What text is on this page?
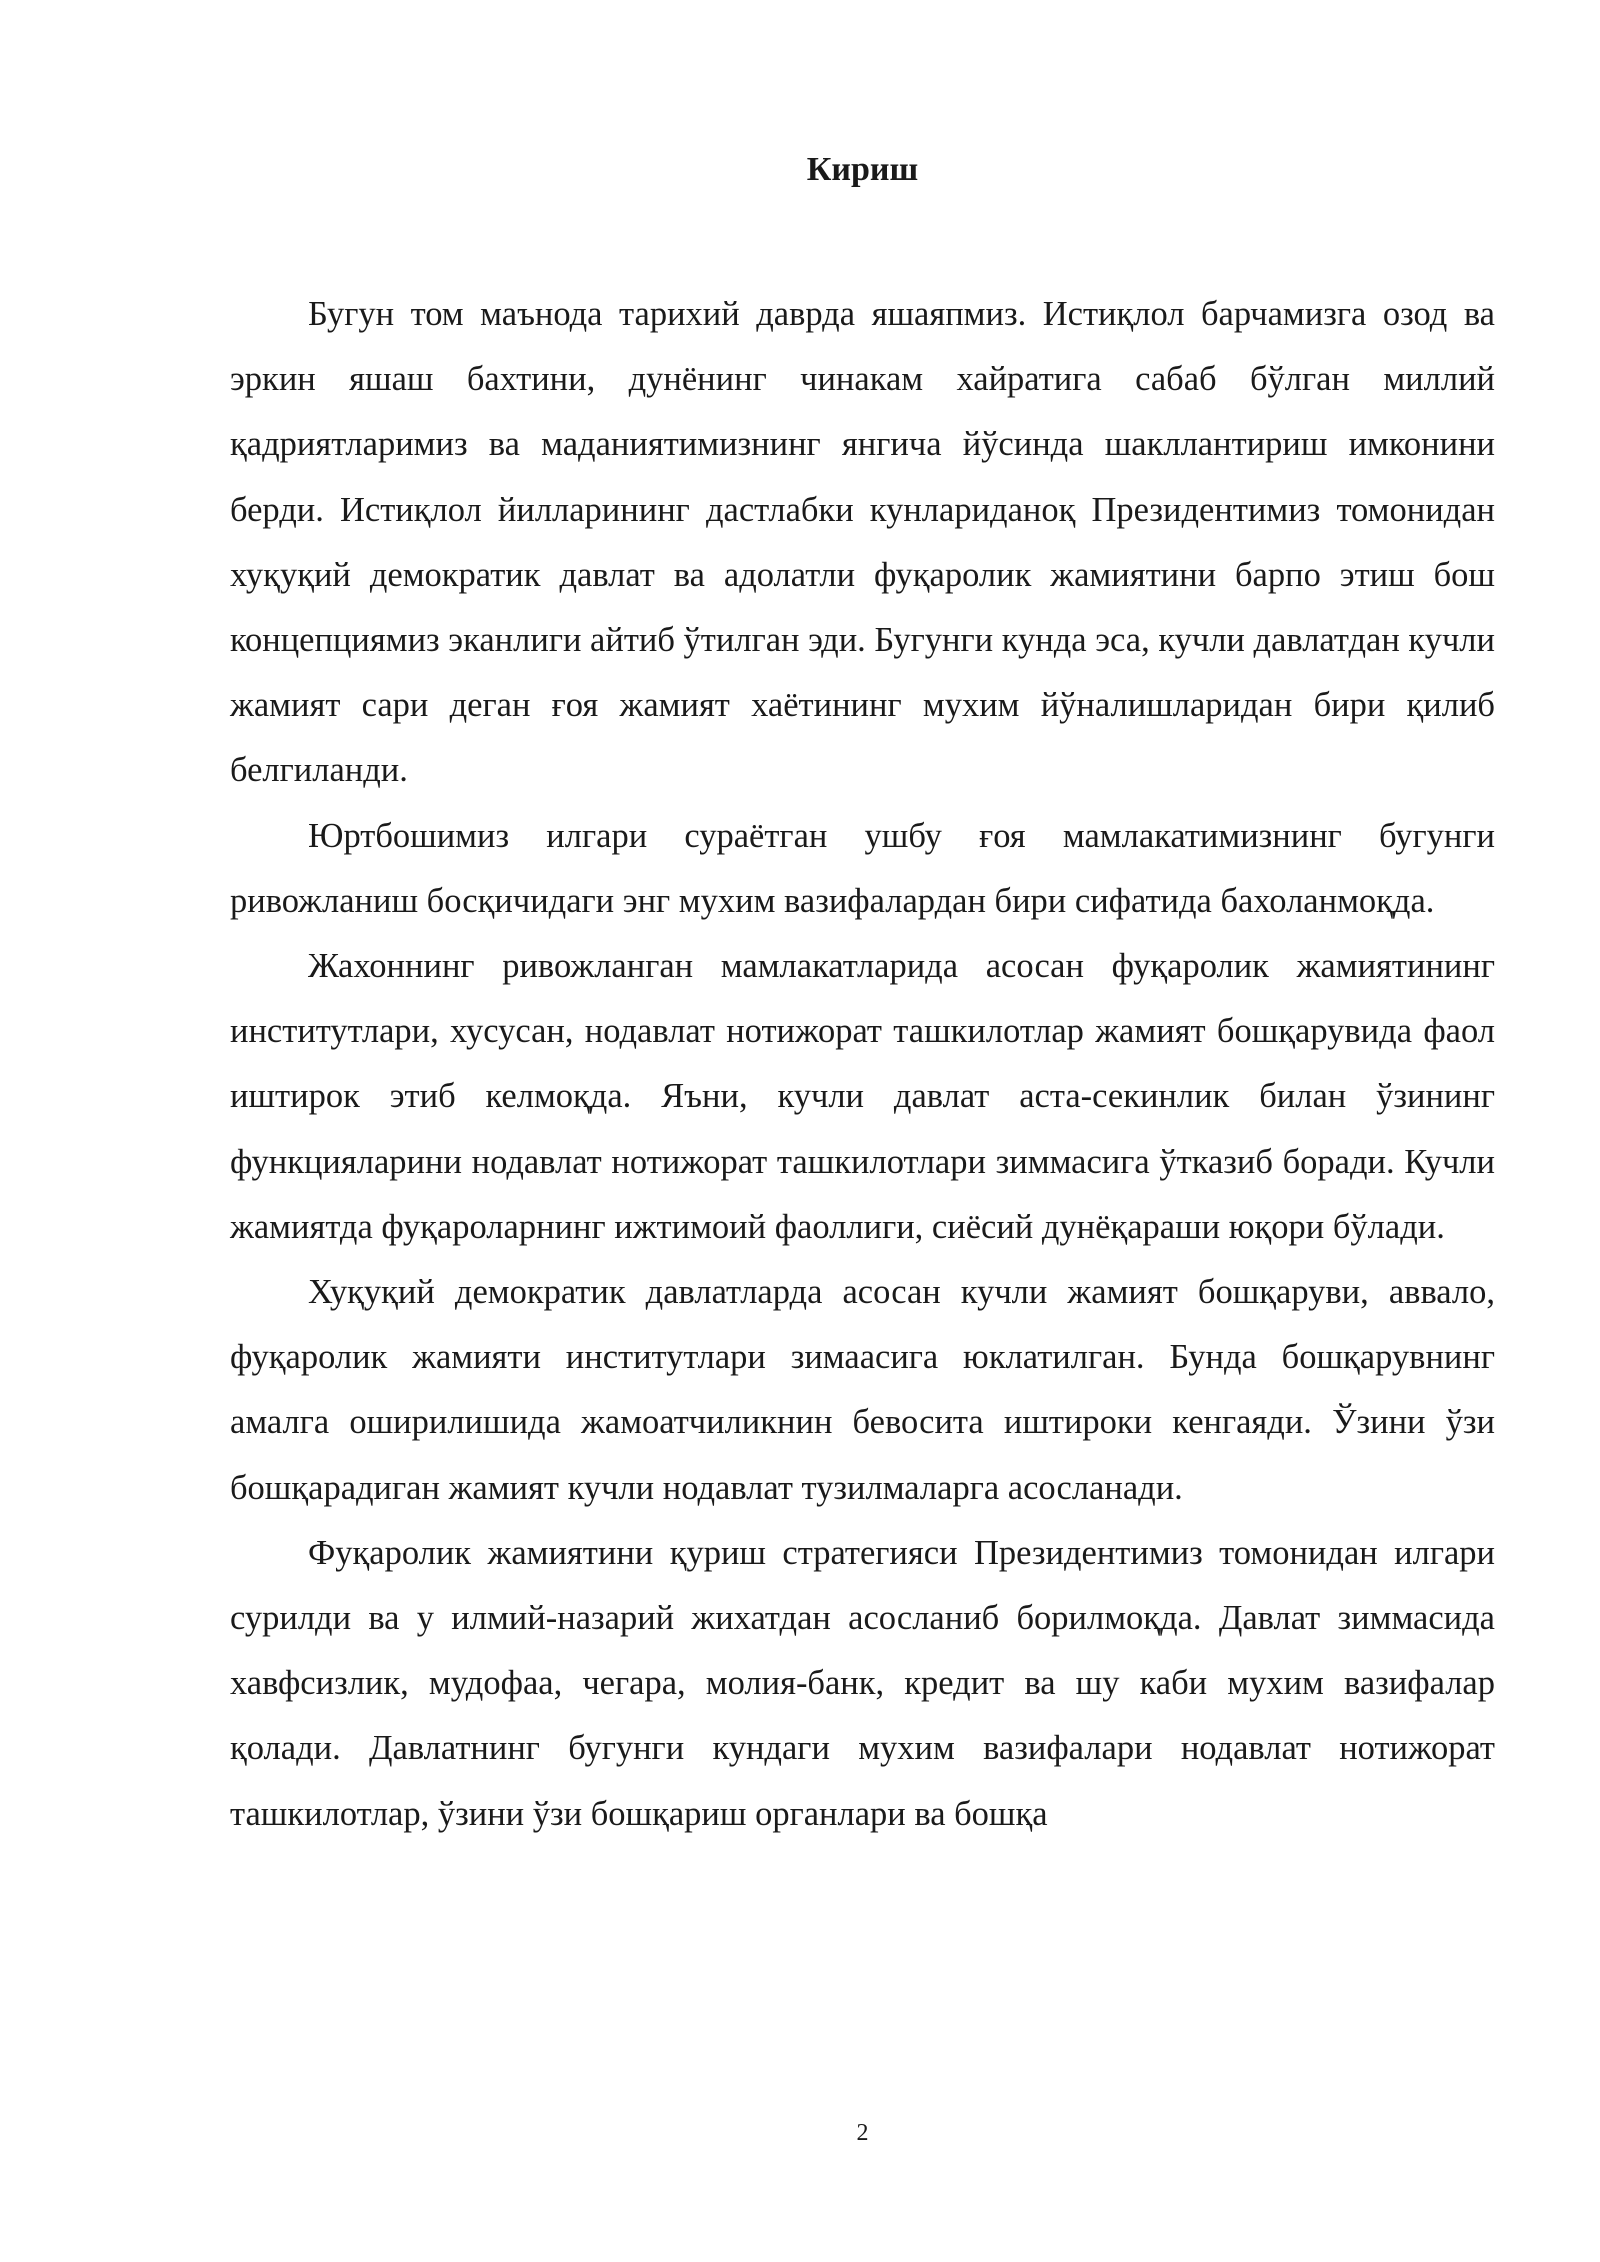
Кириш

Бугун том маънода тарихий даврда яшаяпмиз. Истиқлол барчамизга озод ва эркин яшаш бахтини, дунёнинг чинакам хайратига сабаб бўлган миллий қадриятларимиз ва маданиятимизнинг янгича йўсинда шакллантириш имконини берди. Истиқлол йилларининг дастлабки кунлариданоқ Президентимиз томонидан хуқуқий демократик давлат ва адолатли фуқаролик жамиятини барпо этиш бош концепциямиз эканлиги айтиб ўтилган эди. Бугунги кунда эса, кучли давлатдан кучли жамият сари деган ғоя жамият хаётининг мухим йўналишларидан бири қилиб белгиланди.

Юртбошимиз илгари сураётган ушбу ғоя мамлакатимизнинг бугунги ривожланиш босқичидаги энг мухим вазифалардан бири сифатида бахоланмоқда.

Жахоннинг ривожланган мамлакатларида асосан фуқаролик жамиятининг институтлари, хусусан, нодавлат нотижорат ташкилотлар жамият бошқарувида фаол иштирок этиб келмоқда. Яъни, кучли давлат аста-секинлик билан ўзининг функцияларини нодавлат нотижорат ташкилотлари зиммасига ўтказиб боради. Кучли жамиятда фуқароларнинг ижтимоий фаоллиги, сиёсий дунёқараши юқори бўлади.

Хуқуқий демократик давлатларда асосан кучли жамият бошқаруви, аввало, фуқаролик жамияти институтлари зимаасига юклатилган. Бунда бошқарувнинг амалга оширилишида жамоатчиликнин бевосита иштироки кенгаяди. Ўзини ўзи бошқарадиган жамият кучли нодавлат тузилмаларга асосланади.

Фуқаролик жамиятини қуриш стратегияси Президентимиз томонидан илгари сурилди ва у илмий-назарий жихатдан асосланиб борилмоқда. Давлат зиммасида хавфсизлик, мудофаа, чегара, молия-банк, кредит ва шу каби мухим вазифалар қолади. Давлатнинг бугунги кундаги мухим вазифалари нодавлат нотижорат ташкилотлар, ўзини ўзи бошқариш органлари ва бошқа

2
